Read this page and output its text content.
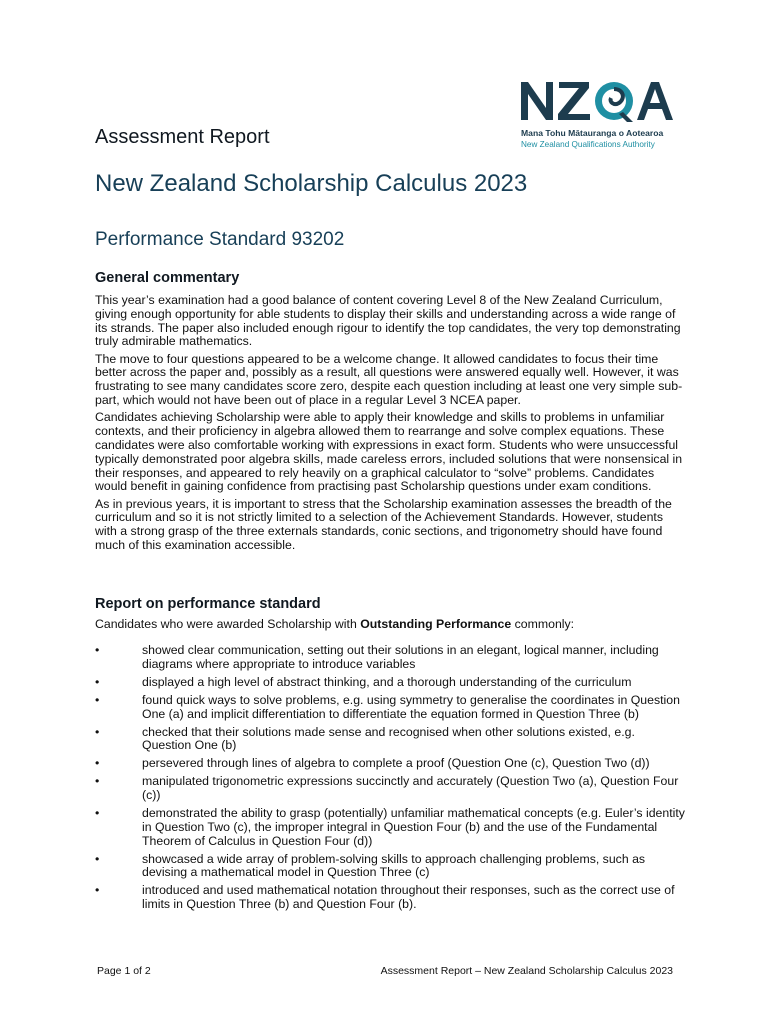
Mana Tohu Mātauranga o Aotearoa
New Zealand Qualifications Authority
Assessment Report
New Zealand Scholarship Calculus 2023
Performance Standard 93202
General commentary

This year’s examination had a good balance of content covering Level 8 of the New Zealand Curriculum, giving enough opportunity for able students to display their skills and understanding across a wide range of its strands. The paper also included enough rigour to identify the top candidates, the very top demonstrating truly admirable mathematics.

The move to four questions appeared to be a welcome change. It allowed candidates to focus their time better across the paper and, possibly as a result, all questions were answered equally well. However, it was frustrating to see many candidates score zero, despite each question including at least one very simple sub-part, which would not have been out of place in a regular Level 3 NCEA paper.

Candidates achieving Scholarship were able to apply their knowledge and skills to problems in unfamiliar contexts, and their proficiency in algebra allowed them to rearrange and solve complex equations. These candidates were also comfortable working with expressions in exact form. Students who were unsuccessful typically demonstrated poor algebra skills, made careless errors, included solutions that were nonsensical in their responses, and appeared to rely heavily on a graphical calculator to “solve” problems. Candidates would benefit in gaining confidence from practising past Scholarship questions under exam conditions.

As in previous years, it is important to stress that the Scholarship examination assesses the breadth of the curriculum and so it is not strictly limited to a selection of the Achievement Standards. However, students with a strong grasp of the three externals standards, conic sections, and trigonometry should have found much of this examination accessible.

Report on performance standard

Candidates who were awarded Scholarship with Outstanding Performance commonly:

•	showed clear communication, setting out their solutions in an elegant, logical manner, including diagrams where appropriate to introduce variables
•	displayed a high level of abstract thinking, and a thorough understanding of the curriculum
•	found quick ways to solve problems, e.g. using symmetry to generalise the coordinates in Question One (a) and implicit differentiation to differentiate the equation formed in Question Three (b)
•	checked that their solutions made sense and recognised when other solutions existed, e.g. Question One (b)
•	persevered through lines of algebra to complete a proof (Question One (c), Question Two (d))
•	manipulated trigonometric expressions succinctly and accurately (Question Two (a), Question Four (c))
•	demonstrated the ability to grasp (potentially) unfamiliar mathematical concepts (e.g. Euler’s identity in Question Two (c), the improper integral in Question Four (b) and the use of the Fundamental Theorem of Calculus in Question Four (d))
•	showcased a wide array of problem-solving skills to approach challenging problems, such as devising a mathematical model in Question Three (c)
•	introduced and used mathematical notation throughout their responses, such as the correct use of limits in Question Three (b) and Question Four (b).
Page 1 of 2	Assessment Report – New Zealand Scholarship Calculus 2023
